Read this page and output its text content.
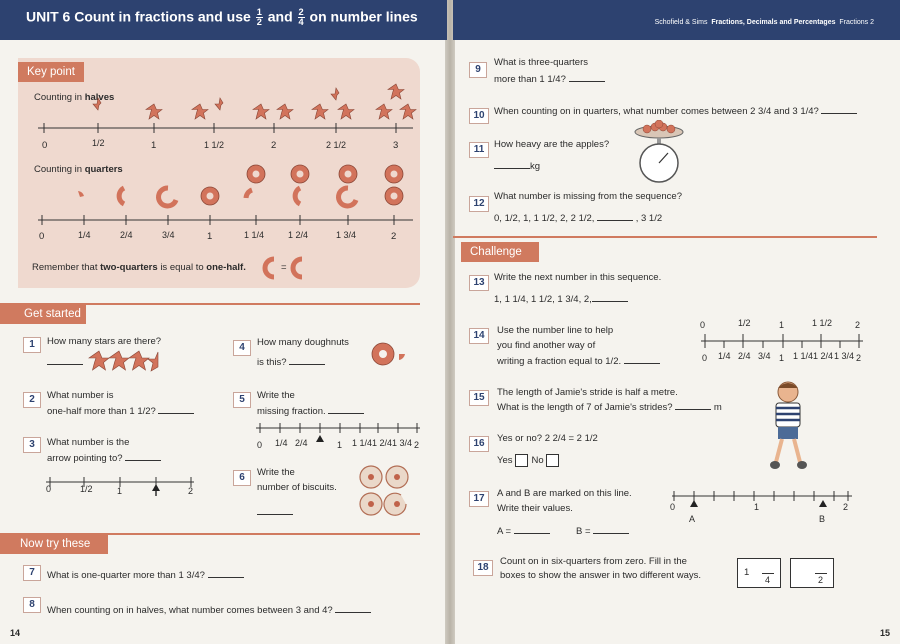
UNIT 6 Count in fractions and use $\frac{1}{2}$ and $\frac{2}{4}$ on number lines	Schofield & Sims Fractions, Decimals and Percentages Fractions 2
Key point
Counting in halves
0	1/2	1	1 1/2	2	2 1/2	3
Counting in quarters
0	1/4	2/4	3/4	1	1 1/4	1 2/4	1 3/4	2
Remember that two-quarters is equal to one-half.	=
Get started
1	How many stars are there?
4	How many doughnuts
is this?
2	What number is
one-half more than 1 1/2?
5	Write the
missing fraction.
0 1/4 2/4	1 1 1/4 1 2/4 1 3/4 2
3	What number is the
arrow pointing to?
0	1/2	1	2
6	Write the
number of biscuits.
Now try these
7	What is one-quarter more than 1 3/4?
8
When counting on in halves, what number comes between 3 and 4?
14
9
What is three-quarters
more than 1 1/4?
10 When counting on in quarters, what number comes between 2 3/4 and 3 1/4?
11	How heavy are the apples?
kg
12
What number is missing from the sequence?
0, 1/2, 1, 1 1/2, 2, 2 1/2,	, 3 1/2
Challenge
13 Write the next number in this sequence.
1, 1 1/4, 1 1/2, 1 3/4, 2,
14	Use the number line to help
you find another way of
writing a fraction equal to 1/2.
0	1/2	1	1 1/2	2
0 1/4 2/4 3/4 1 1 1/4 1 2/4 1 3/4 2
15	The length of Jamie's stride is half a metre.
What is the length of 7 of Jamie's strides?	m
16	Yes or no? 2 2/4 = 2 1/2
Yes No
17	A and B are marked on this line.
Write their values.
A =	B =
0	1	2
A	B
18
Count on in six-quarters from zero. Fill in the
boxes to show the answer in two different ways.	1
4	2
15
